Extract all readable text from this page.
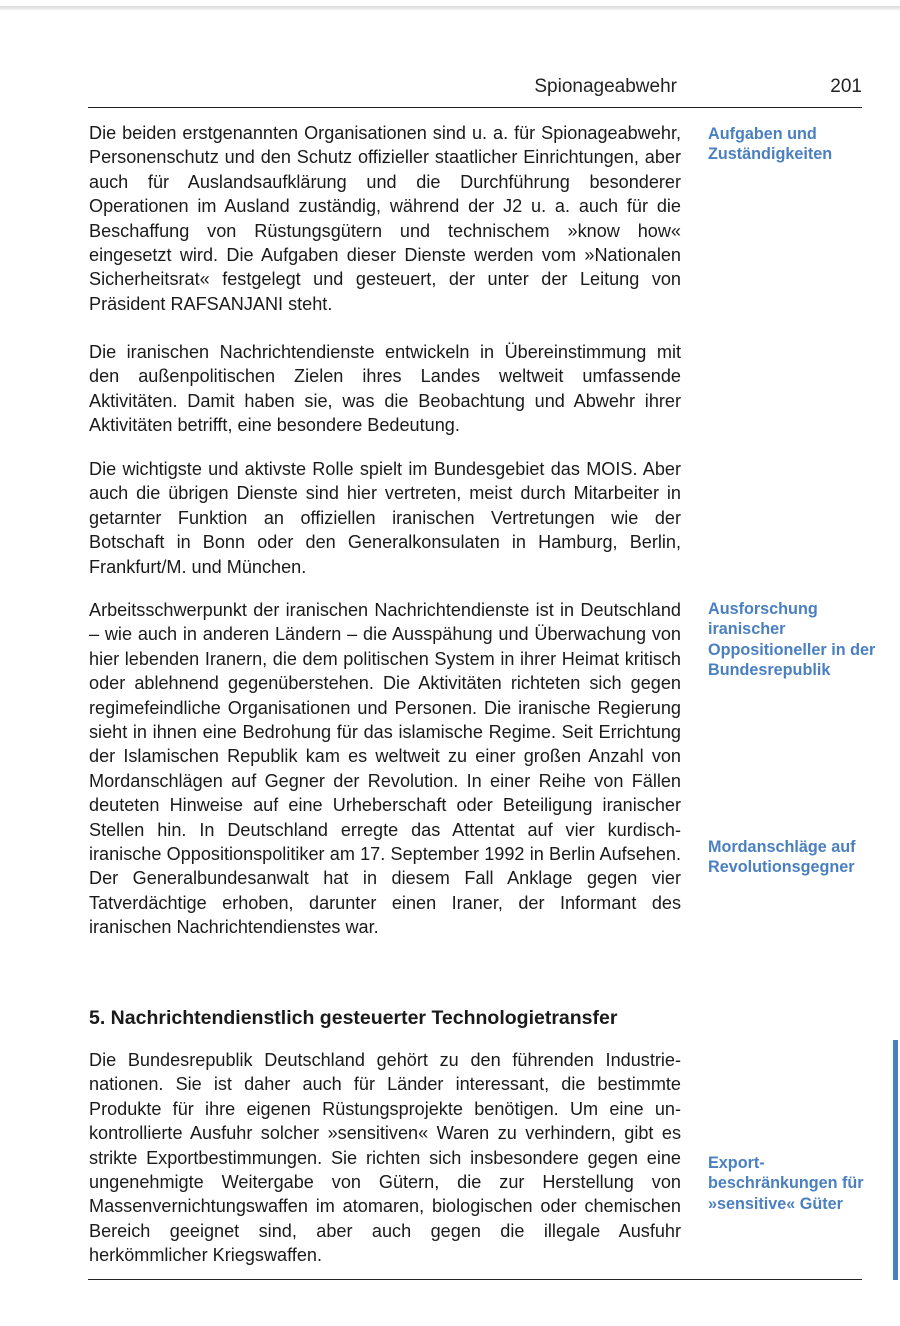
Spionageabwehr	201

Die beiden erstgenannten Organisationen sind u. a. für Spionageabwehr, Personenschutz und den Schutz offizieller staatlicher Einrichtungen, aber auch für Auslandsaufklärung und die Durchführung besonderer Operationen im Ausland zuständig, während der J2 u. a. auch für die Beschaffung von Rüstungsgütern und technischem »know how« eingesetzt wird. Die Aufgaben dieser Dienste werden vom »Nationalen Sicherheitsrat« festgelegt und gesteuert, der unter der Leitung von Präsident RAFSANJANI steht.

Aufgaben und Zuständigkeiten

Die iranischen Nachrichtendienste entwickeln in Übereinstimmung mit den außenpolitischen Zielen ihres Landes weltweit umfassende Aktivitäten. Damit haben sie, was die Beobachtung und Abwehr ihrer Aktivitäten betrifft, eine besondere Bedeutung.

Die wichtigste und aktivste Rolle spielt im Bundesgebiet das MOIS. Aber auch die übrigen Dienste sind hier vertreten, meist durch Mitarbeiter in getarnter Funktion an offiziellen iranischen Vertretungen wie der Botschaft in Bonn oder den Generalkonsulaten in Hamburg, Berlin, Frankfurt/M. und München.

Arbeitsschwerpunkt der iranischen Nachrichtendienste ist in Deutschland – wie auch in anderen Ländern – die Ausspähung und Überwachung von hier lebenden Iranern, die dem politischen System in ihrer Heimat kritisch oder ablehnend gegenüberstehen. Die Aktivitäten richteten sich gegen regimefeindliche Organisationen und Personen. Die iranische Regierung sieht in ihnen eine Bedrohung für das islamische Regime. Seit Errichtung der Islamischen Republik kam es weltweit zu einer großen Anzahl von Mordanschlägen auf Gegner der Revolution. In einer Reihe von Fällen deuteten Hinweise auf eine Urheberschaft oder Beteiligung iranischer Stellen hin. In Deutschland erregte das Attentat auf vier kurdisch-iranische Oppositionspolitiker am 17. September 1992 in Berlin Aufsehen. Der Generalbundesanwalt hat in diesem Fall Anklage gegen vier Tatverdächtige erhoben, darunter einen Iraner, der Informant des iranischen Nachrichtendienstes war.

Ausforschung iranischer Oppositioneller in der Bundesrepublik

Mordanschläge auf Revolutionsgegner

5. Nachrichtendienstlich gesteuerter Technologietransfer

Die Bundesrepublik Deutschland gehört zu den führenden Industrienationen. Sie ist daher auch für Länder interessant, die bestimmte Produkte für ihre eigenen Rüstungsprojekte benötigen. Um eine unkontrollierte Ausfuhr solcher »sensitiven« Waren zu verhindern, gibt es strikte Exportbestimmungen. Sie richten sich insbesondere gegen eine ungenehmigte Weitergabe von Gütern, die zur Herstellung von Massenvernichtungswaffen im atomaren, biologischen oder chemischen Bereich geeignet sind, aber auch gegen die illegale Ausfuhr herkömmlicher Kriegswaffen.

Exportbeschränkungen für »sensitive« Güter
